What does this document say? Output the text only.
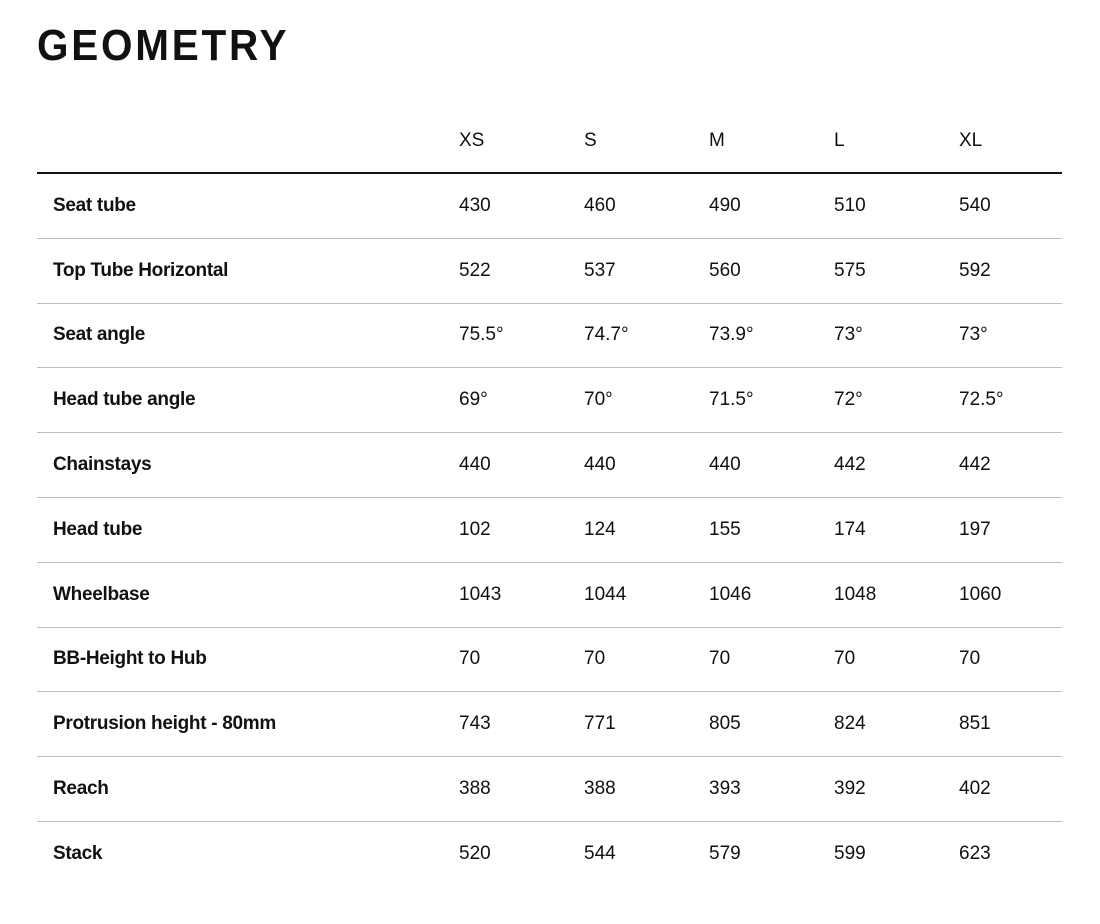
GEOMETRY
	XS	S	M	L	XL
Seat tube	430	460	490	510	540
Top Tube Horizontal	522	537	560	575	592
Seat angle	75.5°	74.7°	73.9°	73°	73°
Head tube angle	69°	70°	71.5°	72°	72.5°
Chainstays	440	440	440	442	442
Head tube	102	124	155	174	197
Wheelbase	1043	1044	1046	1048	1060
BB-Height to Hub	70	70	70	70	70
Protrusion height - 80mm	743	771	805	824	851
Reach	388	388	393	392	402
Stack	520	544	579	599	623
